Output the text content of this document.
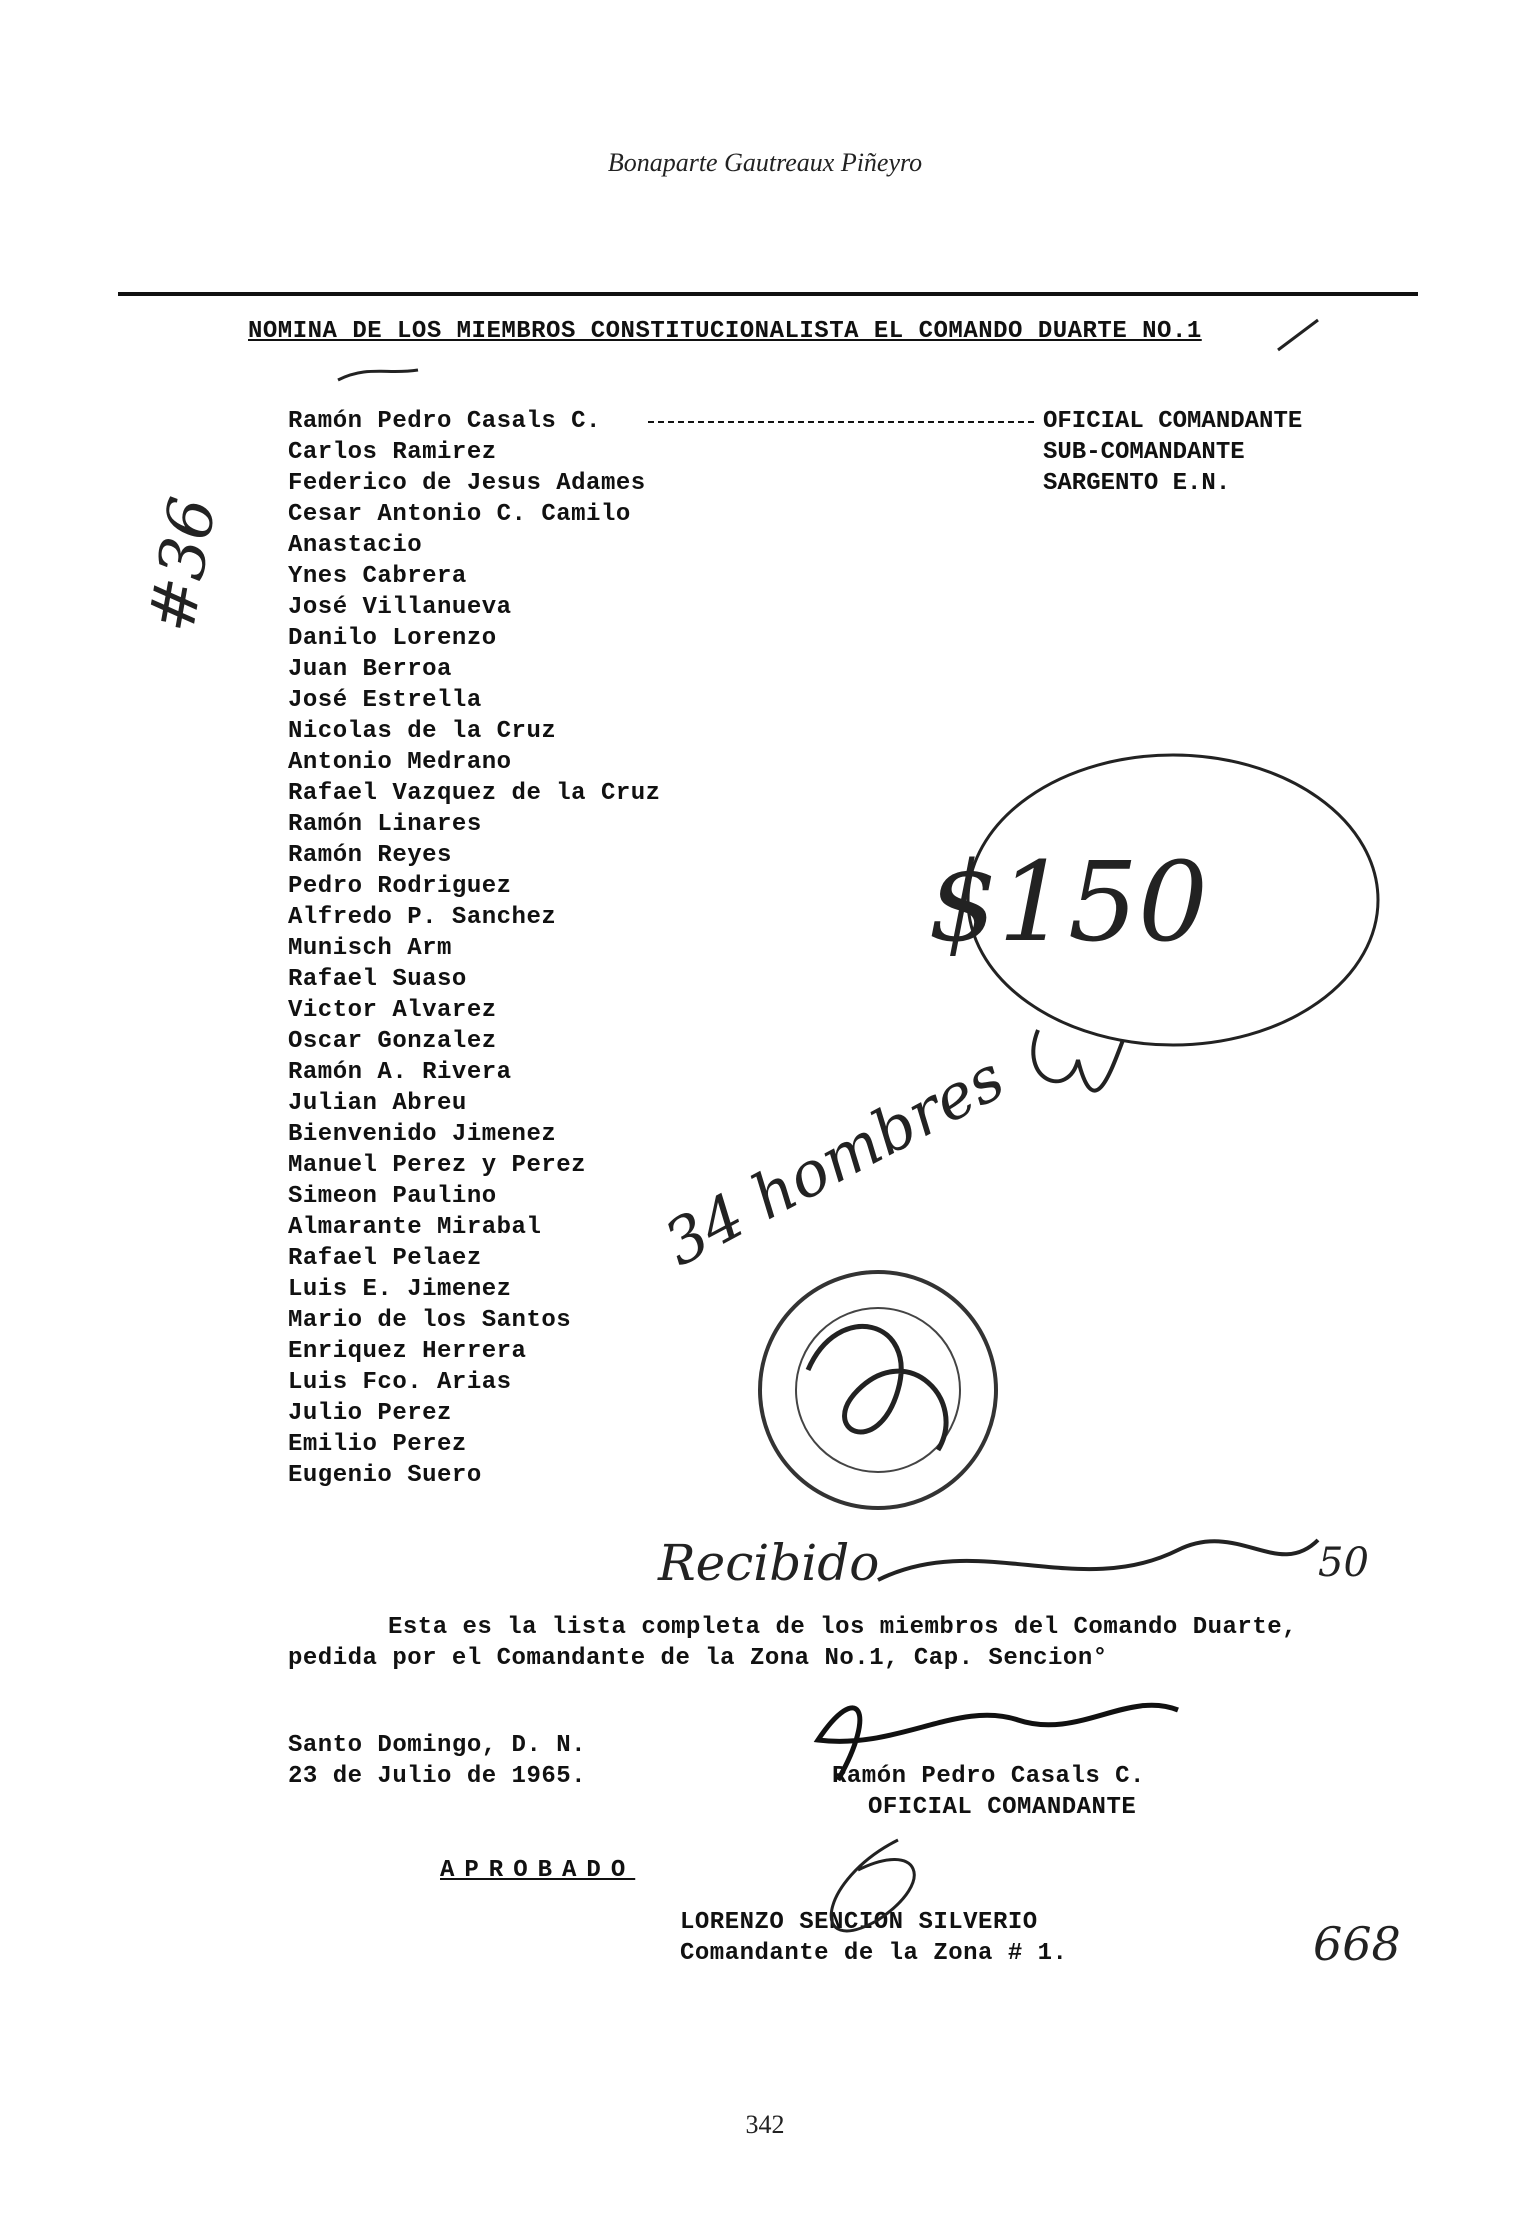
Bonaparte Gautreaux Piñeyro
NOMINA DE LOS MIEMBROS CONSTITUCIONALISTA EL COMANDO DUARTE NO.1
Ramón Pedro Casals C.
Carlos Ramirez
Federico de Jesus Adames
Cesar Antonio C. Camilo
Anastacio
Ynes Cabrera
José Villanueva
Danilo Lorenzo
Juan Berroa
José Estrella
Nicolas de la Cruz
Antonio Medrano
Rafael Vazquez de la Cruz
Ramón Linares
Ramón Reyes
Pedro Rodriguez
Alfredo P. Sanchez
Munisch Arm
Rafael Suaso
Victor Alvarez
Oscar Gonzalez
Ramón A. Rivera
Julian Abreu
Bienvenido Jimenez
Manuel Perez y Perez
Simeon Paulino
Almarante Mirabal
Rafael Pelaez
Luis E. Jimenez
Mario de los Santos
Enriquez Herrera
Luis Fco. Arias
Julio Perez
Emilio Perez
Eugenio Suero
OFICIAL COMANDANTE
SUB-COMANDANTE
SARGENTO E.N.
Esta es la lista completa de los miembros del Comando Duarte, pedida por el Comandante de la Zona No.1, Cap. Sencion°
Santo Domingo, D. N.
23 de Julio de 1965.	Ramón Pedro Casals C.
OFICIAL COMANDANTE
APROBADO
LORENZO SENCION SILVERIO
Comandante de la Zona # 1.
#36
$150
34 hombres
Recibido	50
668
342
